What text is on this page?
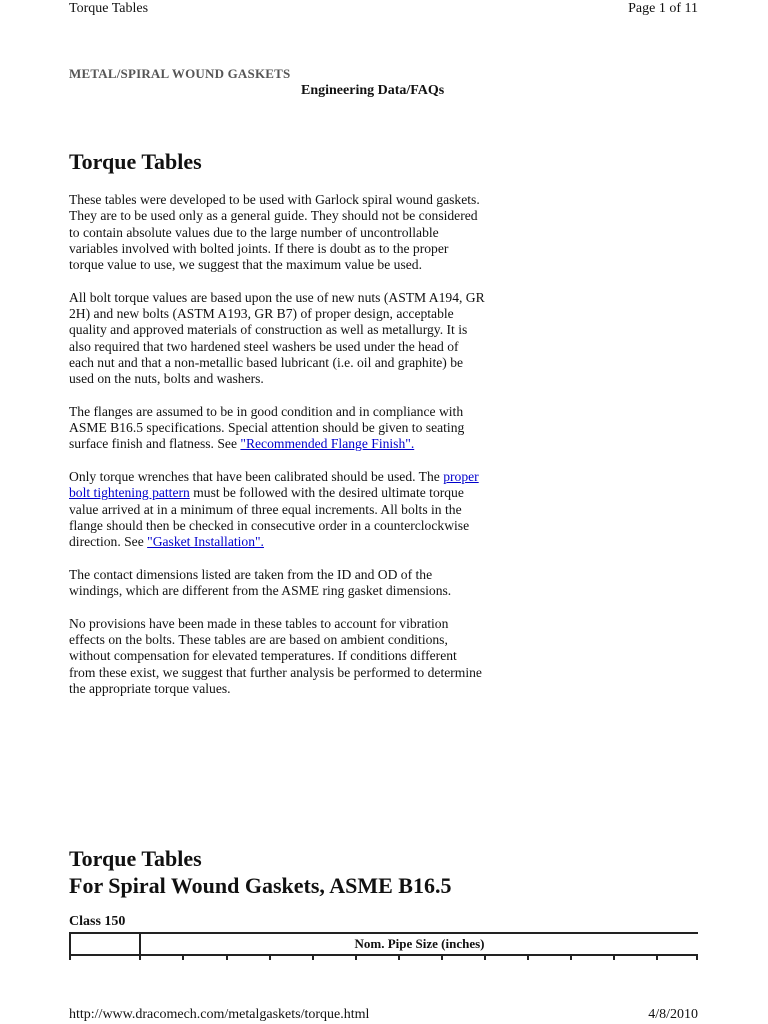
Torque Tables	Page 1 of 11
METAL/SPIRAL WOUND GASKETS
Engineering Data/FAQs
Torque Tables

These tables were developed to be used with Garlock spiral wound gaskets. They are to be used only as a general guide. They should not be considered to contain absolute values due to the large number of uncontrollable variables involved with bolted joints. If there is doubt as to the proper torque value to use, we suggest that the maximum value be used.

All bolt torque values are based upon the use of new nuts (ASTM A194, GR 2H) and new bolts (ASTM A193, GR B7) of proper design, acceptable quality and approved materials of construction as well as metallurgy. It is also required that two hardened steel washers be used under the head of each nut and that a non-metallic based lubricant (i.e. oil and graphite) be used on the nuts, bolts and washers.

The flanges are assumed to be in good condition and in compliance with ASME B16.5 specifications. Special attention should be given to seating surface finish and flatness. See "Recommended Flange Finish".

Only torque wrenches that have been calibrated should be used. The proper bolt tightening pattern must be followed with the desired ultimate torque value arrived at in a minimum of three equal increments. All bolts in the flange should then be checked in consecutive order in a counterclockwise direction. See "Gasket Installation".

The contact dimensions listed are taken from the ID and OD of the windings, which are different from the ASME ring gasket dimensions.

No provisions have been made in these tables to account for vibration effects on the bolts. These tables are are based on ambient conditions, without compensation for elevated temperatures. If conditions different from these exist, we suggest that further analysis be performed to determine the appropriate torque values.

Torque Tables
For Spiral Wound Gaskets, ASME B16.5
Class 150
Nom. Pipe Size (inches)
http://www.dracomech.com/metalgaskets/torque.html	4/8/2010
